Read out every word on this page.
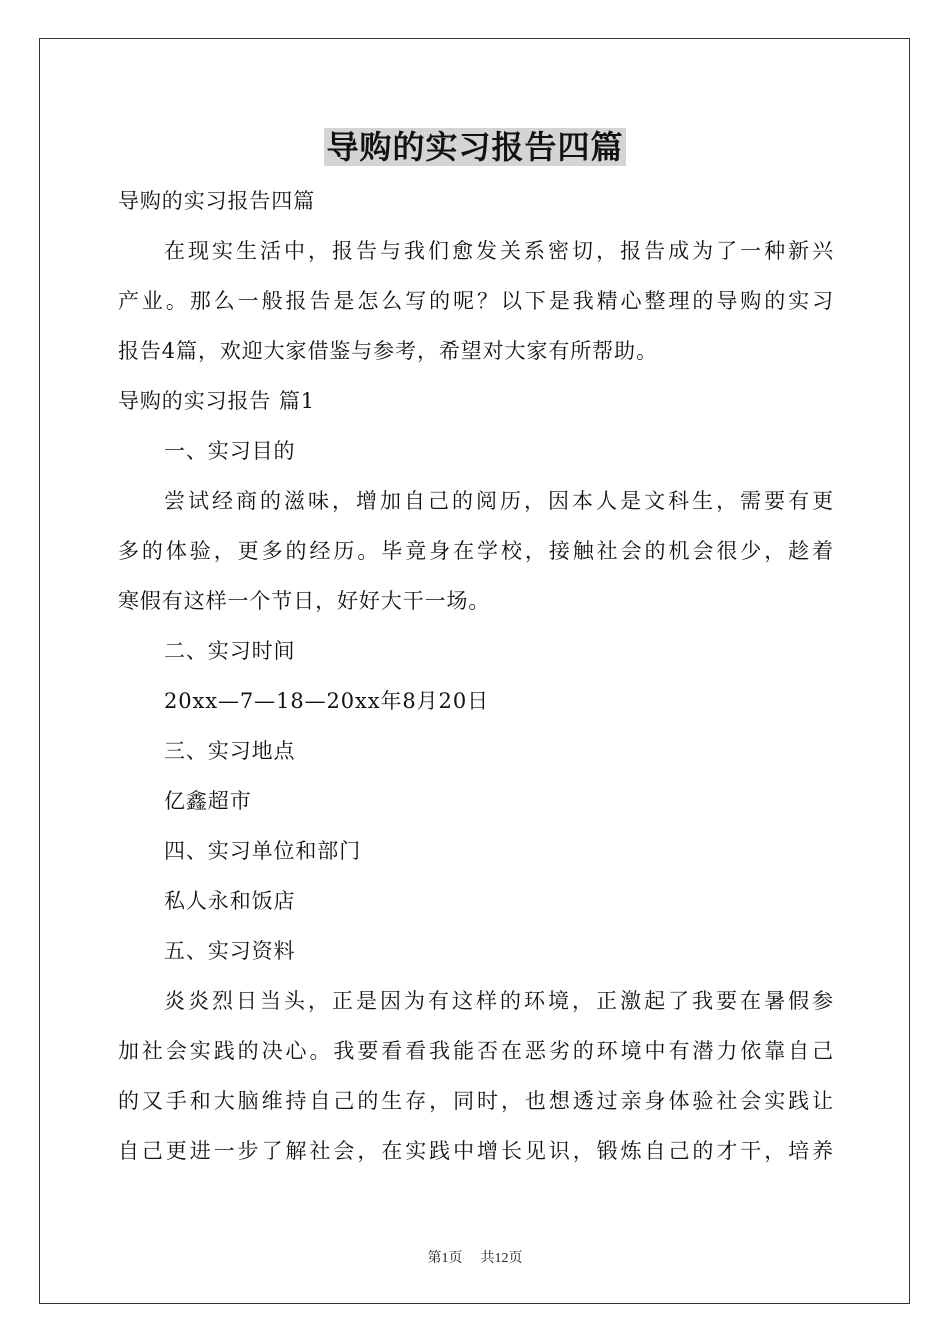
导购的实习报告四篇
导购的实习报告四篇
在现实生活中，报告与我们愈发关系密切，报告成为了一种新兴
产业。那么一般报告是怎么写的呢？以下是我精心整理的导购的实习
报告4篇，欢迎大家借鉴与参考，希望对大家有所帮助。
导购的实习报告 篇1
一、实习目的
尝试经商的滋味，增加自己的阅历，因本人是文科生，需要有更
多的体验，更多的经历。毕竟身在学校，接触社会的机会很少，趁着
寒假有这样一个节日，好好大干一场。
二、实习时间
20xx—7—18—20xx年8月20日
三、实习地点
亿鑫超市
四、实习单位和部门
私人永和饭店
五、实习资料
炎炎烈日当头，正是因为有这样的环境，正激起了我要在暑假参
加社会实践的决心。我要看看我能否在恶劣的环境中有潜力依靠自己
的又手和大脑维持自己的生存，同时，也想透过亲身体验社会实践让
自己更进一步了解社会，在实践中增长见识，锻炼自己的才干，培养
第1页 共12页
